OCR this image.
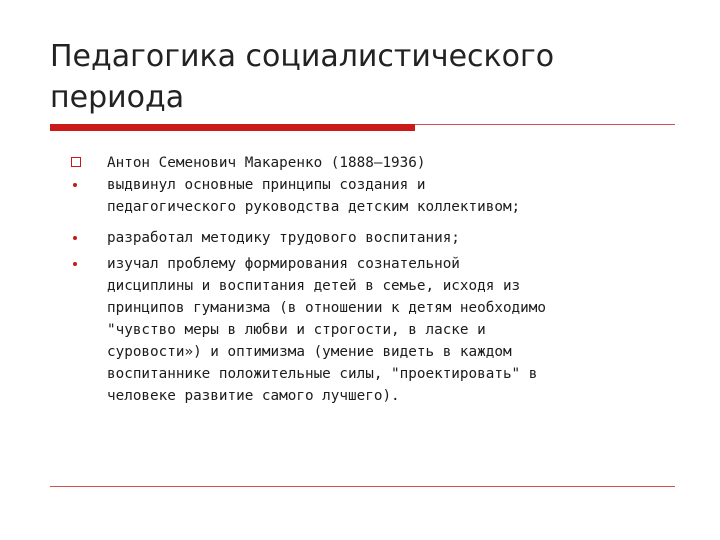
Педагогика социалистического
периода
Антон Семенович Макаренко (1888–1936)
выдвинул основные принципы создания и
педагогического руководства детским коллективом;
разработал методику трудового воспитания;
изучал проблему формирования сознательной
дисциплины и воспитания детей в семье, исходя из
принципов гуманизма (в отношении к детям необходимо
"чувство меры в любви и строгости, в ласке и
суровости») и оптимизма (умение видеть в каждом
воспитаннике положительные силы, "проектировать" в
человеке развитие самого лучшего).
